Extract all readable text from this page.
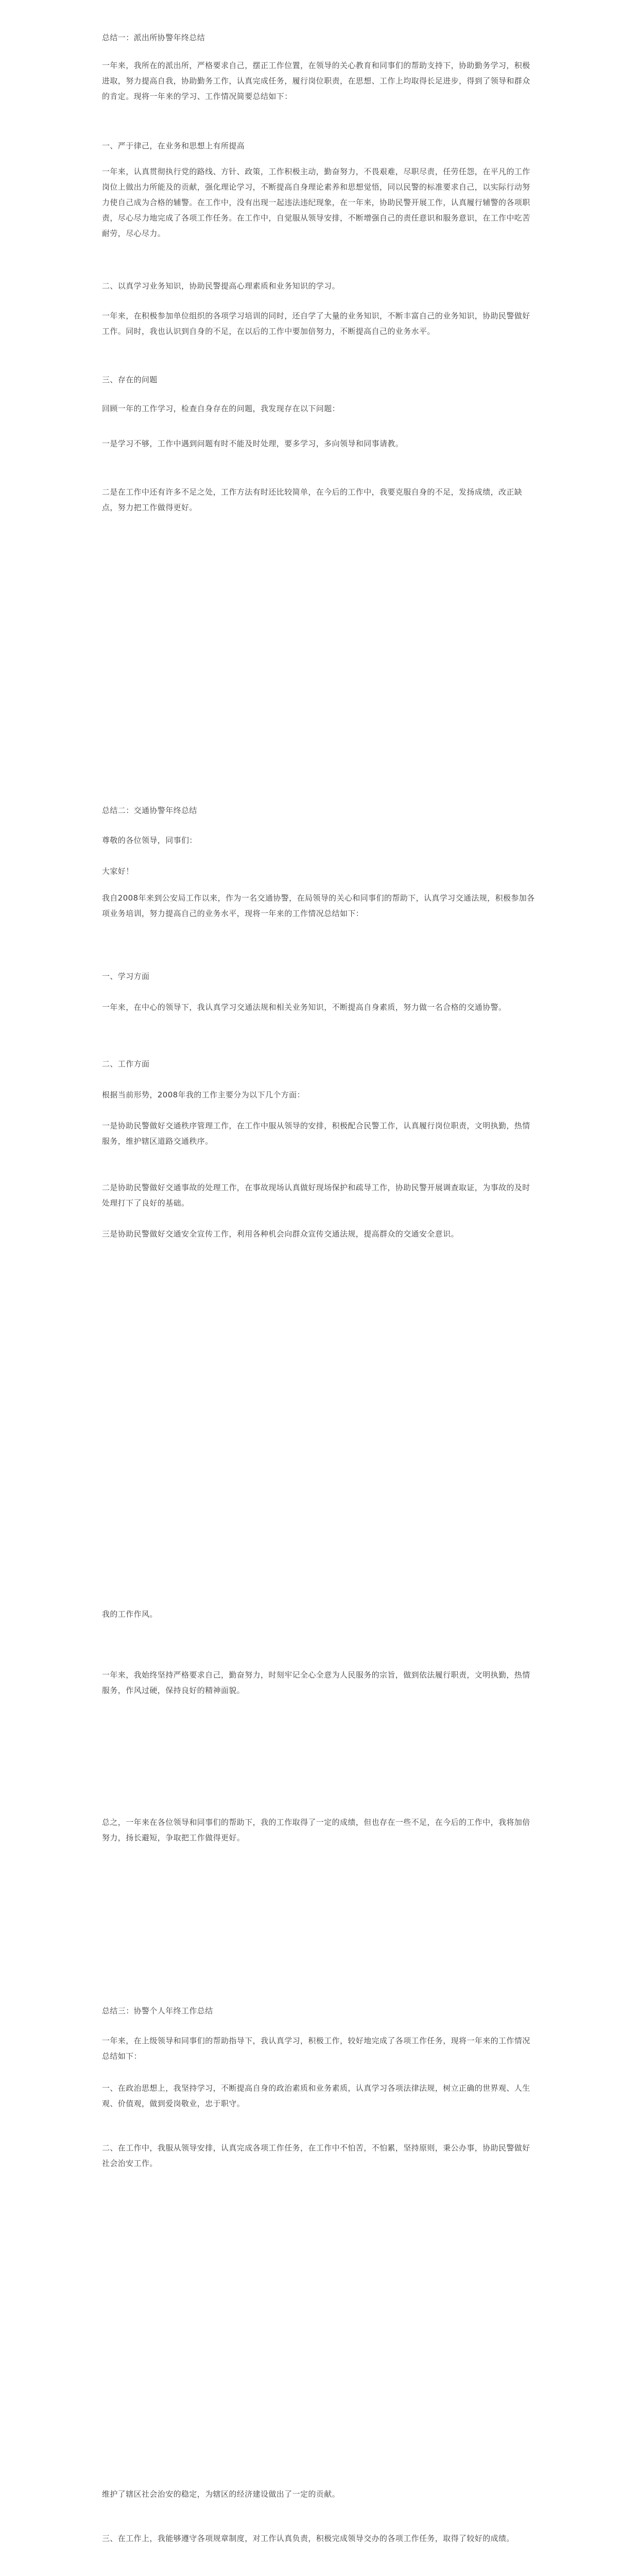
总结一：派出所协警年终总结

一年来，我所在的派出所，严格要求自己，摆正工作位置，在领导的关心教育和同事们的帮助支持下，协助勤务学习，积极进取，努力提高自我，协助勤务工作，认真完成任务，履行岗位职责，在思想、工作上均取得长足进步，得到了领导和群众的肯定。现将一年来的学习、工作情况简要总结如下：

一、严于律己，在业务和思想上有所提高

一年来，认真贯彻执行党的路线、方针、政策，工作积极主动，勤奋努力，不畏艰难，尽职尽责，任劳任怨，在平凡的工作岗位上做出力所能及的贡献，强化理论学习，不断提高自身理论素养和思想觉悟，同以民警的标准要求自己，以实际行动努力使自己成为合格的辅警。在工作中，没有出现一起违法违纪现象，在一年来，协助民警开展工作，认真履行辅警的各项职责，尽心尽力地完成了各项工作任务。在工作中，自觉服从领导安排，不断增强自己的责任意识和服务意识，在工作中吃苦耐劳，尽心尽力。

二、以真学习业务知识，协助民警提高心理素质和业务知识的学习。

一年来，在积极参加单位组织的各项学习培训的同时，还自学了大量的业务知识，不断丰富自己的业务知识，协助民警做好工作。同时，我也认识到自身的不足，在以后的工作中要加倍努力，不断提高自己的业务水平。

三、存在的问题

回顾一年的工作学习，检查自身存在的问题，我发现存在以下问题：

一是学习不够，工作中遇到问题有时不能及时处理，要多学习，多向领导和同事请教。

二是在工作中还有许多不足之处，工作方法有时还比较简单，在今后的工作中，我要克服自身的不足，发扬成绩，改正缺点，努力把工作做得更好。

总结二：交通协警年终总结

尊敬的各位领导，同事们：

大家好！

我自2008年来到公安局工作以来，作为一名交通协警，在局领导的关心和同事们的帮助下，认真学习交通法规，积极参加各项业务培训，努力提高自己的业务水平，现将一年来的工作情况总结如下：

一、学习方面

一年来，在中心的领导下，我认真学习交通法规和相关业务知识，不断提高自身素质，努力做一名合格的交通协警。

二、工作方面

根据当前形势，2008年我的工作主要分为以下几个方面：

一是协助民警做好交通秩序管理工作，在工作中服从领导的安排，积极配合民警工作，认真履行岗位职责，文明执勤，热情服务，维护辖区道路交通秩序。

二是协助民警做好交通事故的处理工作，在事故现场认真做好现场保护和疏导工作，协助民警开展调查取证，为事故的及时处理打下了良好的基础。

三是协助民警做好交通安全宣传工作，利用各种机会向群众宣传交通法规，提高群众的交通安全意识。

我的工作作风。

一年来，我始终坚持严格要求自己，勤奋努力，时刻牢记全心全意为人民服务的宗旨，做到依法履行职责，文明执勤，热情服务，作风过硬，保持良好的精神面貌。

总之，一年来在各位领导和同事们的帮助下，我的工作取得了一定的成绩，但也存在一些不足，在今后的工作中，我将加倍努力，扬长避短，争取把工作做得更好。

总结三：协警个人年终工作总结

一年来，在上级领导和同事们的帮助指导下，我认真学习，积极工作，较好地完成了各项工作任务，现将一年来的工作情况总结如下：

一、在政治思想上，我坚持学习，不断提高自身的政治素质和业务素质，认真学习各项法律法规，树立正确的世界观、人生观、价值观，做到爱岗敬业，忠于职守。

二、在工作中，我服从领导安排，认真完成各项工作任务，在工作中不怕苦，不怕累，坚持原则，秉公办事，协助民警做好社会治安工作。

维护了辖区社会治安的稳定，为辖区的经济建设做出了一定的贡献。

三、在工作上，我能够遵守各项规章制度，对工作认真负责，积极完成领导交办的各项工作任务，取得了较好的成绩。
